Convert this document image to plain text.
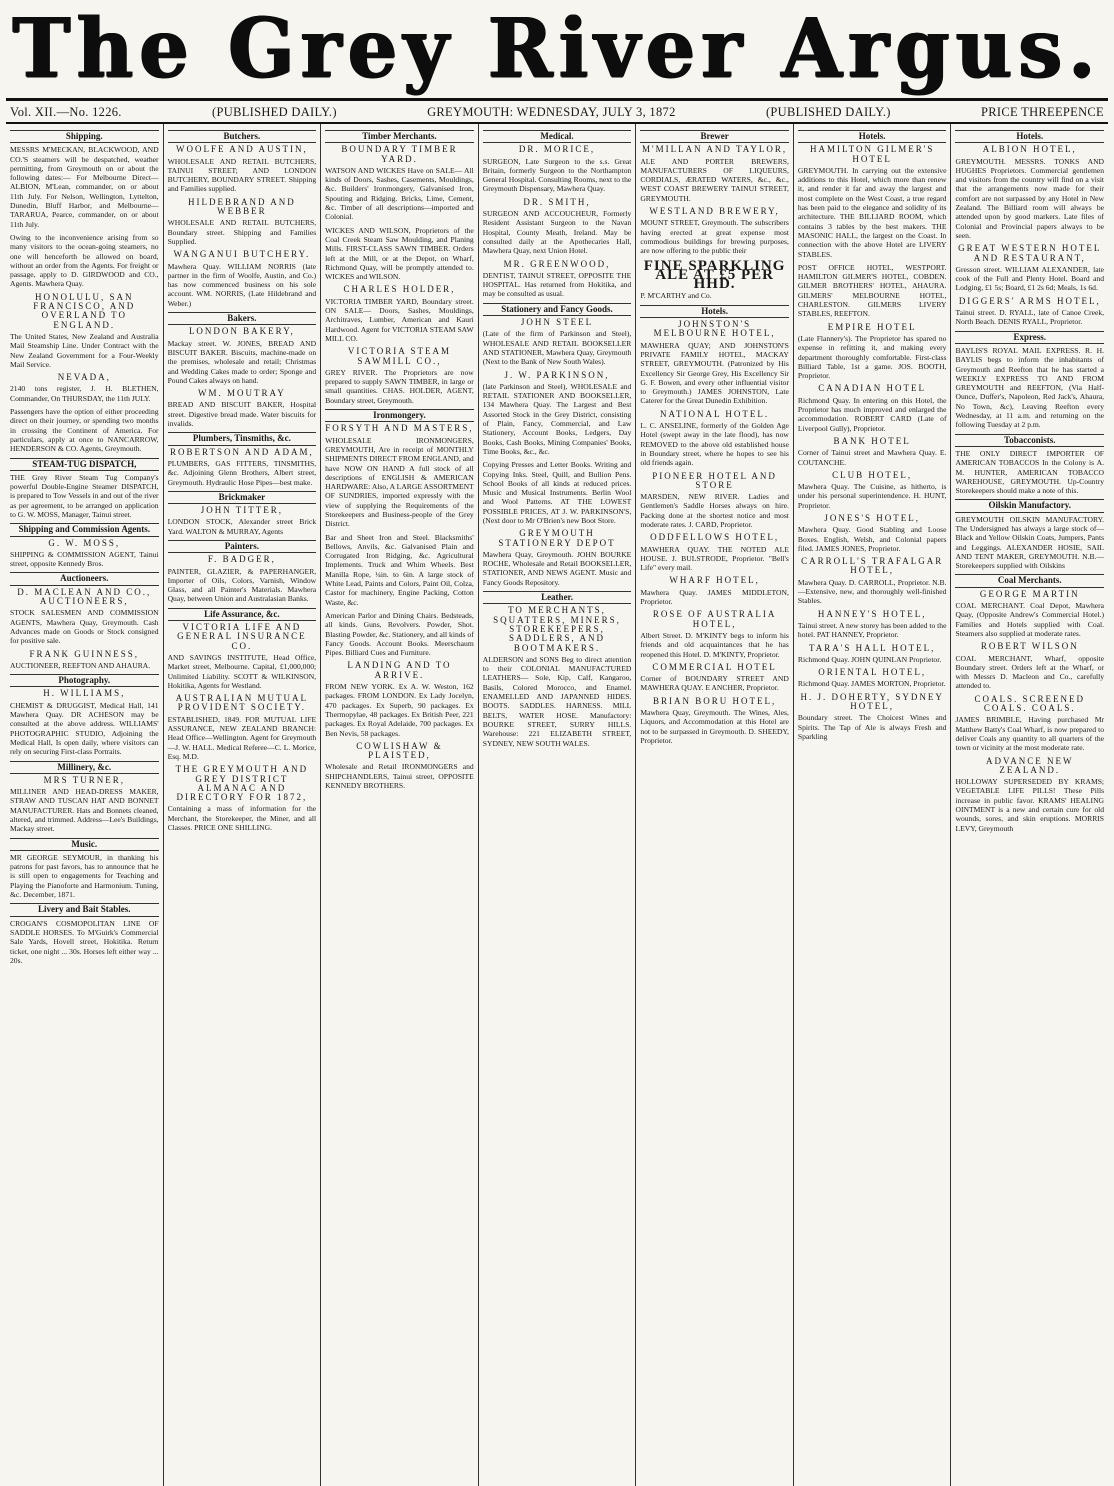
The Grey River Argus.
Vol. XII.—No. 1226.	(PUBLISHED DAILY.)	GREYMOUTH: WEDNESDAY, JULY 3, 1872	(PUBLISHED DAILY.)	PRICE THREEPENCE
Shipping.
MESSRS M'MECKAN, BLACKWOOD, AND CO.'S steamers will be despatched, weather permitting, from Greymouth on or about the following dates:— For Melbourne Direct— ALBION, M'Lean, commander, on or about 11th July. For Nelson, Wellington, Lyttelton, Dunedin, Bluff Harbor, and Melbourne— TARARUA, Pearce, commander, on or about 11th July.
Owing to the inconvenience arising from so many visitors to the ocean-going steamers, no one will henceforth be allowed on board, without an order from the Agents. For freight or passage, apply to D. GIRDWOOD and CO., Agents. Mawhera Quay.
HONOLULU, SAN FRANCISCO, AND OVERLAND TO ENGLAND.
The United States, New Zealand and Australia Mail Steamship Line. Under Contract with the New Zealand Government for a Four-Weekly Mail Service.
NEVADA,
2140 tons register, J. H. BLETHEN, Commander, On THURSDAY, the 11th JULY.
Passengers have the option of either proceeding direct on their journey, or spending two months in crossing the Continent of America. For particulars, apply at once to NANCARROW, HENDERSON & CO. Agents, Greymouth.
STEAM-TUG DISPATCH,
THE Grey River Steam Tug Company's powerful Double-Engine Steamer DISPATCH, is prepared to Tow Vessels in and out of the river as per agreement, to be arranged on application to G. W. MOSS, Manager, Tainui street.
Shipping and Commission Agents.
G. W. MOSS,
SHIPPING & COMMISSION AGENT, Tainui street, opposite Kennedy Bros.
Auctioneers.
D. MACLEAN AND CO., AUCTIONEERS,
STOCK SALESMEN AND COMMISSION AGENTS, Mawhera Quay, Greymouth. Cash Advances made on Goods or Stock consigned for positive sale.
FRANK GUINNESS,
AUCTIONEER, REEFTON AND AHAURA.
Photography.
H. WILLIAMS,
CHEMIST & DRUGGIST, Medical Hall, 141 Mawhera Quay. DR ACHESON may be consulted at the above address. WILLIAMS' PHOTOGRAPHIC STUDIO, Adjoining the Medical Hall, Is open daily, where visitors can rely on securing First-class Portraits.
Millinery, &c.
MRS TURNER,
MILLINER AND HEAD-DRESS MAKER, STRAW AND TUSCAN HAT AND BONNET MANUFACTURER. Hats and Bonnets cleaned, altered, and trimmed. Address—Lee's Buildings, Mackay street.
Music.
MR GEORGE SEYMOUR, in thanking his patrons for past favors, has to announce that he is still open to engagements for Teaching and Playing the Pianoforte and Harmonium. Tuning, &c. December, 1871.
Livery and Bait Stables.
CROGAN'S COSMOPOLITAN LINE OF SADDLE HORSES. To M'Guirk's Commercial Sale Yards, Hovell street, Hokitika. Return ticket, one night ... 30s. Horses left either way ... 20s.
Butchers.
WOOLFE AND AUSTIN,
WHOLESALE AND RETAIL BUTCHERS, TAINUI STREET; AND LONDON BUTCHERY, BOUNDARY STREET. Shipping and Families supplied.
HILDEBRAND AND WEBBER
WHOLESALE AND RETAIL BUTCHERS, Boundary street. Shipping and Families Supplied.
WANGANUI BUTCHERY.
Mawhera Quay. WILLIAM NORRIS (late partner in the firm of Woolfe, Austin, and Co.) has now commenced business on his sole account. WM. NORRIS, (Late Hildebrand and Weber.)
Bakers.
LONDON BAKERY,
Mackay street. W. JONES, BREAD AND BISCUIT BAKER. Biscuits, machine-made on the premises, wholesale and retail; Christmas and Wedding Cakes made to order; Sponge and Pound Cakes always on hand.
WM. MOUTRAY
BREAD AND BISCUIT BAKER, Hospital street. Digestive bread made. Water biscuits for invalids.
Plumbers, Tinsmiths, &c.
ROBERTSON AND ADAM,
PLUMBERS, GAS FITTERS, TINSMITHS, &c. Adjoining Glenn Brothers, Albert street, Greymouth. Hydraulic Hose Pipes—best make.
Brickmaker
JOHN TITTER,
LONDON STOCK, Alexander street Brick Yard. WALTON & MURRAY, Agents
Painters.
F. BADGER,
PAINTER, GLAZIER, & PAPERHANGER, Importer of Oils, Colors, Varnish, Window Glass, and all Painter's Materials. Mawhera Quay, between Union and Australasian Banks.
Life Assurance, &c.
VICTORIA LIFE AND GENERAL INSURANCE CO.
AND SAVINGS INSTITUTE, Head Office, Market street, Melbourne. Capital, £1,000,000; Unlimited Liability. SCOTT & WILKINSON, Hokitika, Agents for Westland.
AUSTRALIAN MUTUAL PROVIDENT SOCIETY.
ESTABLISHED, 1849. FOR MUTUAL LIFE ASSURANCE, NEW ZEALAND BRANCH: Head Office—Wellington. Agent for Greymouth—J. W. HALL. Medical Referee—C. L. Morice, Esq. M.D.
THE GREYMOUTH AND GREY DISTRICT ALMANAC AND DIRECTORY FOR 1872,
Containing a mass of information for the Merchant, the Storekeeper, the Miner, and all Classes. PRICE ONE SHILLING.
Timber Merchants.
BOUNDARY TIMBER YARD.
WATSON AND WICKES Have on SALE— All kinds of Doors, Sashes, Casements, Mouldings, &c. Builders' Ironmongery, Galvanised Iron, Spouting and Ridging. Bricks, Lime, Cement, &c. Timber of all descriptions—imported and Colonial.
WICKES AND WILSON, Proprietors of the Coal Creek Steam Saw Moulding, and Planing Mills. FIRST-CLASS SAWN TIMBER. Orders left at the Mill, or at the Depot, on Wharf, Richmond Quay, will be promptly attended to. WICKES and WILSON.
CHARLES HOLDER,
VICTORIA TIMBER YARD, Boundary street. ON SALE— Doors, Sashes, Mouldings, Architraves, Lumber, American and Kauri Hardwood. Agent for VICTORIA STEAM SAW MILL CO.
VICTORIA STEAM SAWMILL CO.,
GREY RIVER. The Proprietors are now prepared to supply SAWN TIMBER, in large or small quantities. CHAS. HOLDER, AGENT, Boundary street, Greymouth.
Ironmongery.
FORSYTH AND MASTERS,
WHOLESALE IRONMONGERS, GREYMOUTH, Are in receipt of MONTHLY SHIPMENTS DIRECT FROM ENGLAND, and have NOW ON HAND A full stock of all descriptions of ENGLISH & AMERICAN HARDWARE: Also, A LARGE ASSORTMENT OF SUNDRIES, imported expressly with the view of supplying the Requirements of the Storekeepers and Business-people of the Grey District.
Bar and Sheet Iron and Steel. Blacksmiths' Bellows, Anvils, &c. Galvanised Plain and Corrugated Iron Ridging, &c. Agricultural Implements. Truck and Whim Wheels. Best Manilla Rope, ¼in. to 6in. A large stock of White Lead, Paints and Colors, Paint Oil, Colza, Castor for machinery, Engine Packing, Cotton Waste, &c.
American Parlor and Dining Chairs. Bedsteads, all kinds. Guns, Revolvers. Powder, Shot. Blasting Powder, &c. Stationery, and all kinds of Fancy Goods. Account Books. Meerschaum Pipes. Billiard Cues and Furniture.
LANDING AND TO ARRIVE.
FROM NEW YORK. Ex A. W. Weston, 162 packages. FROM LONDON. Ex Lady Jocelyn, 470 packages. Ex Superb, 90 packages. Ex Thermopylae, 48 packages. Ex British Peer, 221 packages. Ex Royal Adelaide, 700 packages. Ex Ben Nevis, 58 packages.
COWLISHAW & PLAISTED,
Wholesale and Retail IRONMONGERS and SHIPCHANDLERS, Tainui street, OPPOSITE KENNEDY BROTHERS.
Medical.
DR. MORICE,
SURGEON, Late Surgeon to the s.s. Great Britain, formerly Surgeon to the Northampton General Hospital. Consulting Rooms, next to the Greymouth Dispensary, Mawhera Quay.
DR. SMITH,
SURGEON AND ACCOUCHEUR, Formerly Resident Assistant Surgeon to the Navan Hospital, County Meath, Ireland. May be consulted daily at the Apothecaries Hall, Mawhera Quay, next Union Hotel.
MR. GREENWOOD,
DENTIST, TAINUI STREET, OPPOSITE THE HOSPITAL. Has returned from Hokitika, and may be consulted as usual.
Stationery and Fancy Goods.
JOHN STEEL
(Late of the firm of Parkinson and Steel), WHOLESALE AND RETAIL BOOKSELLER AND STATIONER, Mawhera Quay, Greymouth (Next to the Bank of New South Wales).
J. W. PARKINSON,
(late Parkinson and Steel), WHOLESALE and RETAIL STATIONER AND BOOKSELLER, 134 Mawhera Quay. The Largest and Best Assorted Stock in the Grey District, consisting of Plain, Fancy, Commercial, and Law Stationery, Account Books, Ledgers, Day Books, Cash Books, Mining Companies' Books, Time Books, &c., &c.
Copying Presses and Letter Books. Writing and Copying Inks. Steel, Quill, and Bullion Pens. School Books of all kinds at reduced prices. Music and Musical Instruments. Berlin Wool and Wool Patterns. AT THE LOWEST POSSIBLE PRICES, AT J. W. PARKINSON'S, (Next door to Mr O'Brien's new Boot Store.
GREYMOUTH STATIONERY DEPOT
Mawhera Quay, Greymouth. JOHN BOURKE ROCHE, Wholesale and Retail BOOKSELLER, STATIONER, AND NEWS AGENT. Music and Fancy Goods Repository.
Leather.
TO MERCHANTS, SQUATTERS, MINERS, STOREKEEPERS, SADDLERS, AND BOOTMAKERS.
ALDERSON and SONS Beg to direct attention to their COLONIAL MANUFACTURED LEATHERS— Sole, Kip, Calf, Kangaroo, Basils, Colored Morocco, and Enamel. ENAMELLED AND JAPANNED HIDES. BOOTS. SADDLES. HARNESS. MILL BELTS, WATER HOSE. Manufactory: BOURKE STREET, SURRY HILLS. Warehouse: 221 ELIZABETH STREET, SYDNEY, NEW SOUTH WALES.
Brewer
M'MILLAN AND TAYLOR,
ALE AND PORTER BREWERS, MANUFACTURERS OF LIQUEURS, CORDIALS, ÆRATED WATERS, &c., &c., WEST COAST BREWERY TAINUI STREET, GREYMOUTH.
WESTLAND BREWERY,
MOUNT STREET, Greymouth. The subscribers having erected at great expense most commodious buildings for brewing purposes, are now offering to the public their
FINE SPARKLING ALE AT £5 PER HHD.
P. M'CARTHY and Co.
Hotels.
JOHNSTON'S MELBOURNE HOTEL,
MAWHERA QUAY; AND JOHNSTON'S PRIVATE FAMILY HOTEL, MACKAY STREET, GREYMOUTH. (Patronized by His Excellency Sir George Grey, His Excellency Sir G. F. Bowen, and every other influential visitor to Greymouth.) JAMES JOHNSTON, Late Caterer for the Great Dunedin Exhibition.
NATIONAL HOTEL.
L. C. ANSELINE, formerly of the Golden Age Hotel (swept away in the late flood), has now REMOVED to the above old established house in Boundary street, where he hopes to see his old friends again.
PIONEER HOTEL AND STORE
MARSDEN, NEW RIVER. Ladies and Gentlemen's Saddle Horses always on hire. Packing done at the shortest notice and most moderate rates. J. CARD, Proprietor.
ODDFELLOWS HOTEL,
MAWHERA QUAY. THE NOTED ALE HOUSE. J. BULSTRODE, Proprietor. "Bell's Life" every mail.
WHARF HOTEL,
Mawhera Quay. JAMES MIDDLETON, Proprietor.
ROSE OF AUSTRALIA HOTEL,
Albert Street. D. M'KINTY begs to inform his friends and old acquaintances that he has reopened this Hotel. D. M'KINTY, Proprietor.
COMMERCIAL HOTEL
Corner of BOUNDARY STREET AND MAWHERA QUAY. E ANCHER, Proprietor.
BRIAN BORU HOTEL,
Mawhera Quay, Greymouth. The Wines, Ales, Liquors, and Accommodation at this Hotel are not to be surpassed in Greymouth. D. SHEEDY, Proprietor.
Hotels.
HAMILTON GILMER'S HOTEL
GREYMOUTH. In carrying out the extensive additions to this Hotel, which more than renew it, and render it far and away the largest and most complete on the West Coast, a true regard has been paid to the elegance and solidity of its architecture. THE BILLIARD ROOM, which contains 3 tables by the best makers. THE MASONIC HALL, the largest on the Coast. In connection with the above Hotel are LIVERY STABLES.
POST OFFICE HOTEL, WESTPORT. HAMILTON GILMER'S HOTEL, COBDEN. GILMER BROTHERS' HOTEL, AHAURA. GILMERS' MELBOURNE HOTEL, CHARLESTON. GILMERS LIVERY STABLES, REEFTON.
EMPIRE HOTEL
(Late Flannery's). The Proprietor has spared no expense in refitting it, and making every department thoroughly comfortable. First-class Billiard Table, 1st a game. JOS. BOOTH, Proprietor.
CANADIAN HOTEL
Richmond Quay. In entering on this Hotel, the Proprietor has much improved and enlarged the accommodation. ROBERT CARD (Late of Liverpool Gully), Proprietor.
BANK HOTEL
Corner of Tainui street and Mawhera Quay. E. COUTANCHE.
CLUB HOTEL,
Mawhera Quay. The Cuisine, as hitherto, is under his personal superintendence. H. HUNT, Proprietor.
JONES'S HOTEL,
Mawhera Quay. Good Stabling and Loose Boxes. English, Welsh, and Colonial papers filed. JAMES JONES, Proprietor.
CARROLL'S TRAFALGAR HOTEL,
Mawhera Quay. D. CARROLL, Proprietor. N.B.—Extensive, new, and thoroughly well-finished Stables.
HANNEY'S HOTEL,
Tainui street. A new storey has been added to the hotel. PAT HANNEY, Proprietor.
TARA'S HALL HOTEL,
Richmond Quay. JOHN QUINLAN Proprietor.
ORIENTAL HOTEL,
Richmond Quay. JAMES MORTON, Proprietor.
H. J. DOHERTY, SYDNEY HOTEL,
Boundary street. The Choicest Wines and Spirits. The Tap of Ale is always Fresh and Sparkling
Hotels.
ALBION HOTEL,
GREYMOUTH. MESSRS. TONKS AND HUGHES Proprietors. Commercial gentlemen and visitors from the country will find on a visit that the arrangements now made for their comfort are not surpassed by any Hotel in New Zealand. The Billiard room will always be attended upon by good markers. Late files of Colonial and Provincial papers always to be seen.
GREAT WESTERN HOTEL AND RESTAURANT,
Gresson street. WILLIAM ALEXANDER, late cook of the Full and Plenty Hotel. Board and Lodging, £1 5s; Board, £1 2s 6d; Meals, 1s 6d.
DIGGERS' ARMS HOTEL,
Tainui street. D. RYALL, late of Canoe Creek, North Beach. DENIS RYALL, Proprietor.
Express.
BAYLIS'S ROYAL MAIL EXPRESS. R. H. BAYLIS begs to inform the inhabitants of Greymouth and Reefton that he has started a WEEKLY EXPRESS TO AND FROM GREYMOUTH and REEFTON, (Via Half-Ounce, Duffer's, Napoleon, Red Jack's, Ahaura, No Town, &c), Leaving Reefton every Wednesday, at 11 a.m. and returning on the following Tuesday at 2 p.m.
Tobacconists.
THE ONLY DIRECT IMPORTER OF AMERICAN TOBACCOS In the Colony is A. M. HUNTER, AMERICAN TOBACCO WAREHOUSE, GREYMOUTH. Up-Country Storekeepers should make a note of this.
Oilskin Manufactory.
GREYMOUTH OILSKIN MANUFACTORY. The Undersigned has always a large stock of— Black and Yellow Oilskin Coats, Jumpers, Pants and Leggings. ALEXANDER HOSIE, SAIL AND TENT MAKER, GREYMOUTH. N.B.—Storekeepers supplied with Oilskins
Coal Merchants.
GEORGE MARTIN
COAL MERCHANT. Coal Depot, Mawhera Quay, (Opposite Andrew's Commercial Hotel.) Families and Hotels supplied with Coal. Steamers also supplied at moderate rates.
ROBERT WILSON
COAL MERCHANT, Wharf, opposite Boundary street. Orders left at the Wharf, or with Messrs D. Macleon and Co., carefully attended to.
COALS. SCREENED COALS. COALS.
JAMES BRIMBLE, Having purchased Mr Matthew Batty's Coal Wharf, is now prepared to deliver Coals any quantity to all quarters of the town or vicinity at the most moderate rate.
ADVANCE NEW ZEALAND.
HOLLOWAY SUPERSEDED BY KRAMS; VEGETABLE LIFE PILLS! These Pills increase in public favor. KRAMS' HEALING OINTMENT is a new and certain cure for old wounds, sores, and skin eruptions. MORRIS LEVY, Greymouth
